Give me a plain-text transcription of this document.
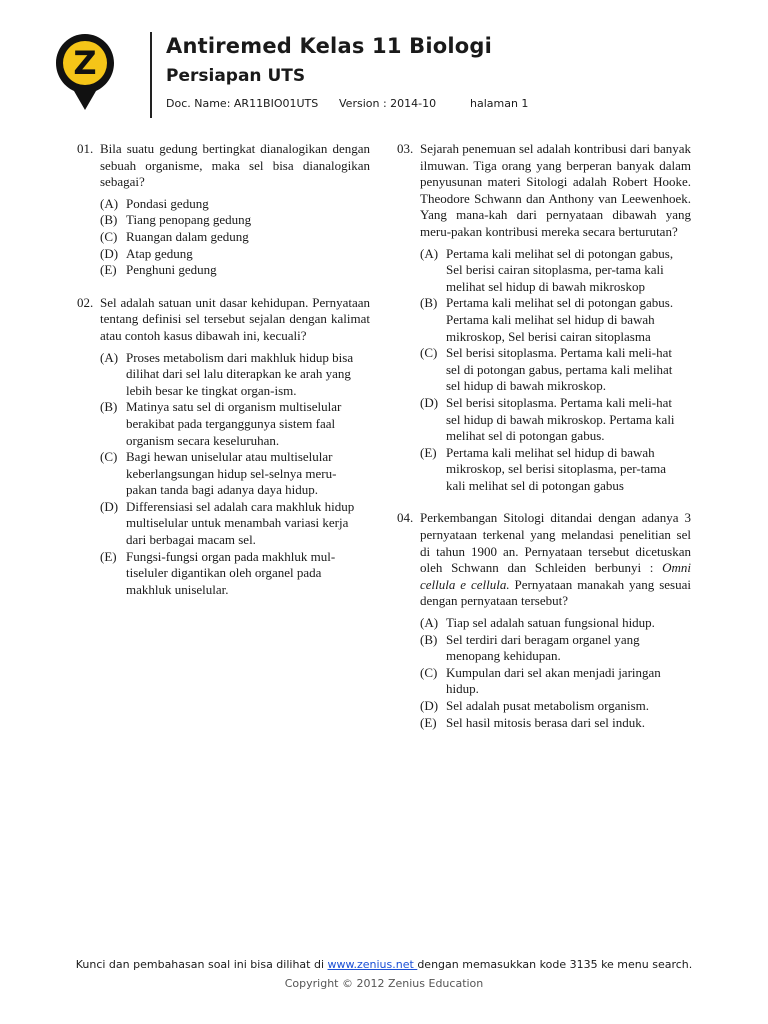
Z	Antiremed Kelas 11 Biologi
Persiapan UTS
Doc. Name: AR11BIO01UTS Version : 2014-10	halaman 1
01. Bila suatu gedung bertingkat dianalogikan dengan sebuah organisme, maka sel bisa dianalogikan sebagai?
(A) Pondasi gedung
(B) Tiang penopang gedung
(C) Ruangan dalam gedung
(D) Atap gedung
(E) Penghuni gedung
02. Sel adalah satuan unit dasar kehidupan. Pernyataan tentang definisi sel tersebut sejalan dengan kalimat atau contoh kasus dibawah ini, kecuali?
(A) Proses metabolism dari makhluk hidup bisa dilihat dari sel lalu diterapkan ke arah yang lebih besar ke tingkat organ-ism.
(B) Matinya satu sel di organism multiselular berakibat pada terganggunya sistem faal organism secara keseluruhan.
(C) Bagi hewan uniselular atau multiselular keberlangsungan hidup sel-selnya meru-pakan tanda bagi adanya daya hidup.
(D) Differensiasi sel adalah cara makhluk hidup multiselular untuk menambah variasi kerja dari berbagai macam sel.
(E) Fungsi-fungsi organ pada makhluk mul-tiseluler digantikan oleh organel pada makhluk uniselular.
03. Sejarah penemuan sel adalah kontribusi dari banyak ilmuwan. Tiga orang yang berperan banyak dalam penyusunan materi Sitologi adalah Robert Hooke. Theodore Schwann dan Anthony van Leewenhoek. Yang mana-kah dari pernyataan dibawah yang meru-pakan kontribusi mereka secara berturutan?
(A) Pertama kali melihat sel di potongan gabus, Sel berisi cairan sitoplasma, per-tama kali melihat sel hidup di bawah mikroskop
(B) Pertama kali melihat sel di potongan gabus. Pertama kali melihat sel hidup di bawah mikroskop, Sel berisi cairan sitoplasma
(C) Sel berisi sitoplasma. Pertama kali meli-hat sel di potongan gabus, pertama kali melihat sel hidup di bawah mikroskop.
(D) Sel berisi sitoplasma. Pertama kali meli-hat sel hidup di bawah mikroskop. Pertama kali melihat sel di potongan gabus.
(E) Pertama kali melihat sel hidup di bawah mikroskop, sel berisi sitoplasma, per-tama kali melihat sel di potongan gabus
04. Perkembangan Sitologi ditandai dengan adanya 3 pernyataan terkenal yang melandasi penelitian sel di tahun 1900 an. Pernyataan tersebut dicetuskan oleh Schwann dan Schleiden berbunyi : Omni cellula e cellula. Pernyataan manakah yang sesuai dengan pernyataan tersebut?
(A) Tiap sel adalah satuan fungsional hidup.
(B) Sel terdiri dari beragam organel yang menopang kehidupan.
(C) Kumpulan dari sel akan menjadi jaringan hidup.
(D) Sel adalah pusat metabolism organism.
(E) Sel hasil mitosis berasa dari sel induk.
Kunci dan pembahasan soal ini bisa dilihat di www.zenius.net dengan memasukkan kode 3135 ke menu search.
Copyright © 2012 Zenius Education
